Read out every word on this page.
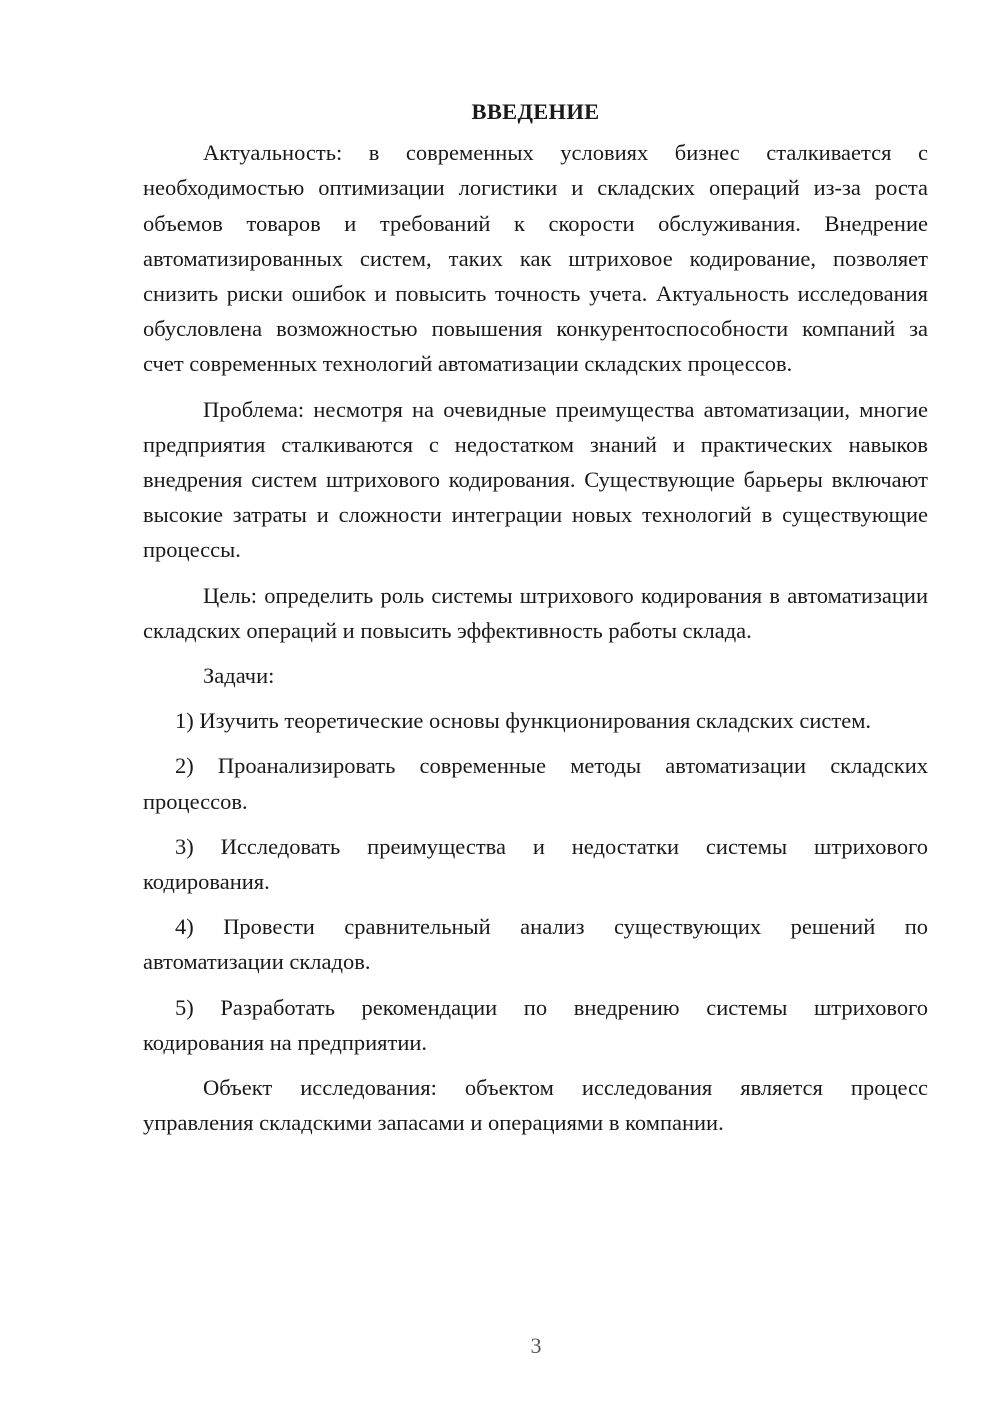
ВВЕДЕНИЕ

Актуальность: в современных условиях бизнес сталкивается с необходимостью оптимизации логистики и складских операций из-за роста объемов товаров и требований к скорости обслуживания. Внедрение автоматизированных систем, таких как штриховое кодирование, позволяет снизить риски ошибок и повысить точность учета. Актуальность исследования обусловлена возможностью повышения конкурентоспособности компаний за счет современных технологий автоматизации складских процессов.

Проблема: несмотря на очевидные преимущества автоматизации, многие предприятия сталкиваются с недостатком знаний и практических навыков внедрения систем штрихового кодирования. Существующие барьеры включают высокие затраты и сложности интеграции новых технологий в существующие процессы.

Цель: определить роль системы штрихового кодирования в автоматизации складских операций и повысить эффективность работы склада.

Задачи:

1) Изучить теоретические основы функционирования складских систем.

2) Проанализировать современные методы автоматизации складских процессов.

3) Исследовать преимущества и недостатки системы штрихового кодирования.

4) Провести сравнительный анализ существующих решений по автоматизации складов.

5) Разработать рекомендации по внедрению системы штрихового кодирования на предприятии.

Объект исследования: объектом исследования является процесс управления складскими запасами и операциями в компании.

3
